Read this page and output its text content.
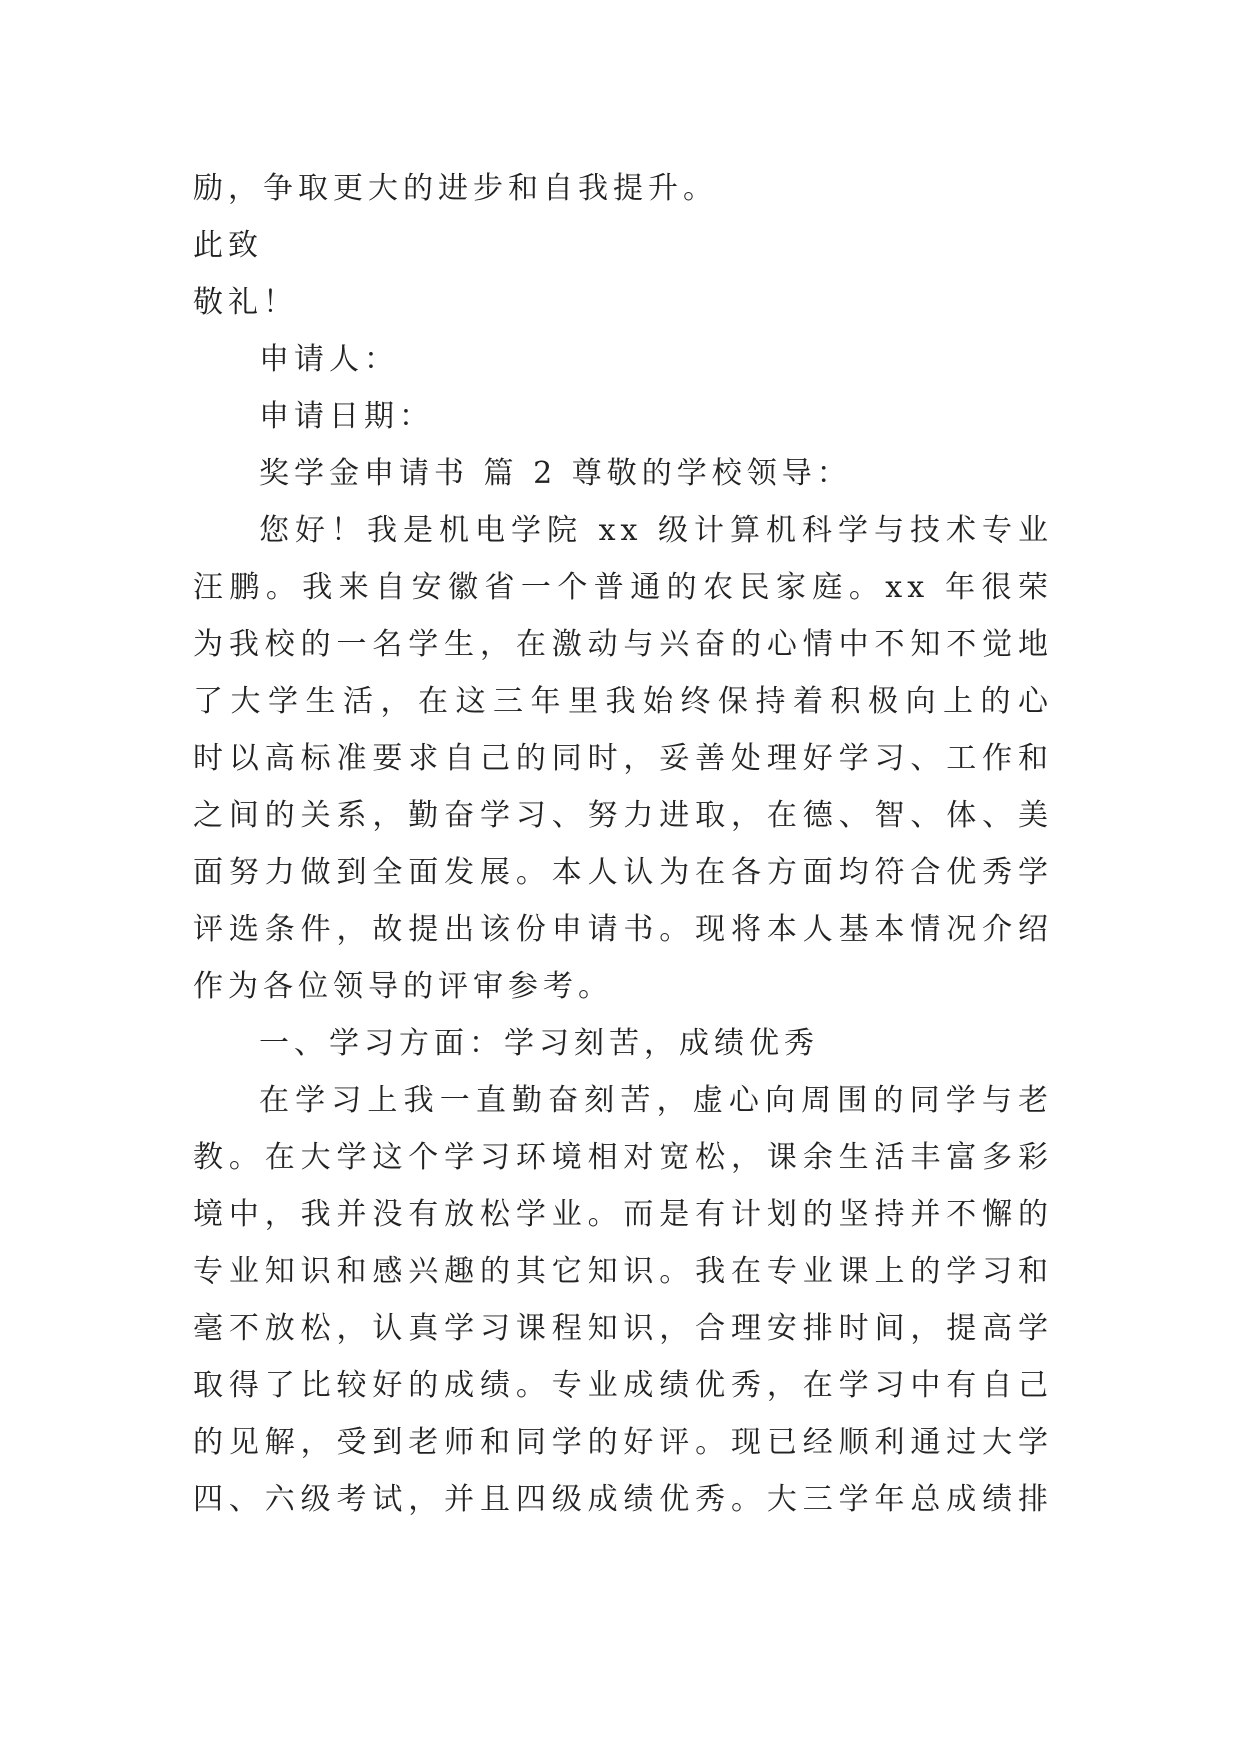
励，争取更大的进步和自我提升。
此致
敬礼！
申请人：
申请日期：
奖学金申请书 篇 2 尊敬的学校领导：
您好！我是机电学院 xx 级计算机科学与技术专业
汪鹏。我来自安徽省一个普通的农民家庭。xx 年很荣
为我校的一名学生，在激动与兴奋的心情中不知不觉地
了大学生活，在这三年里我始终保持着积极向上的心
时以高标准要求自己的同时，妥善处理好学习、工作和
之间的关系，勤奋学习、努力进取，在德、智、体、美
面努力做到全面发展。本人认为在各方面均符合优秀学
评选条件，故提出该份申请书。现将本人基本情况介绍
作为各位领导的评审参考。
一、学习方面：学习刻苦，成绩优秀
在学习上我一直勤奋刻苦，虚心向周围的同学与老
教。在大学这个学习环境相对宽松，课余生活丰富多彩
境中，我并没有放松学业。而是有计划的坚持并不懈的
专业知识和感兴趣的其它知识。我在专业课上的学习和
毫不放松，认真学习课程知识，合理安排时间，提高学
取得了比较好的成绩。专业成绩优秀，在学习中有自己
的见解，受到老师和同学的好评。现已经顺利通过大学
四、六级考试，并且四级成绩优秀。大三学年总成绩排
